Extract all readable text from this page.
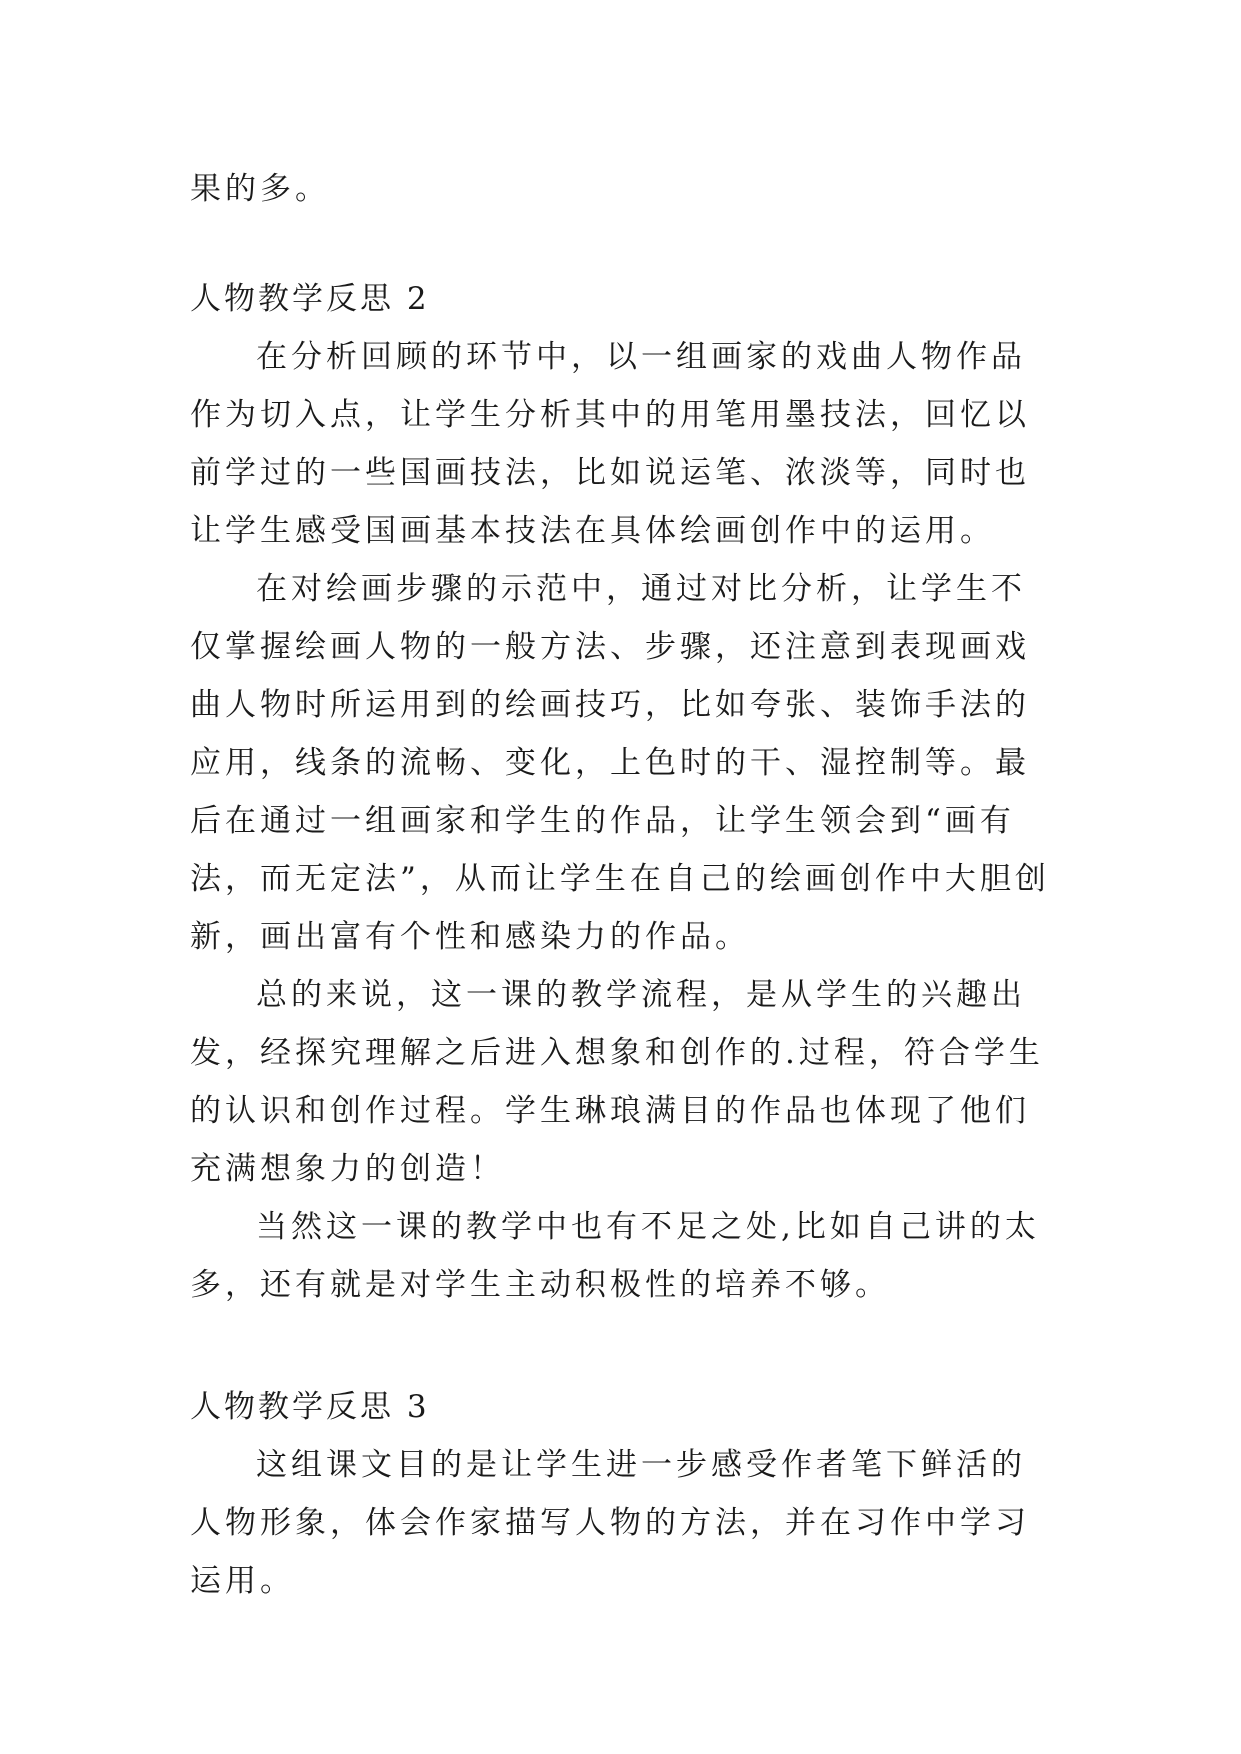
果的多。

人物教学反思 2

在分析回顾的环节中，以一组画家的戏曲人物作品作为切入点，让学生分析其中的用笔用墨技法，回忆以前学过的一些国画技法，比如说运笔、浓淡等，同时也让学生感受国画基本技法在具体绘画创作中的运用。

在对绘画步骤的示范中，通过对比分析，让学生不仅掌握绘画人物的一般方法、步骤，还注意到表现画戏曲人物时所运用到的绘画技巧，比如夸张、装饰手法的应用，线条的流畅、变化，上色时的干、湿控制等。最后在通过一组画家和学生的作品，让学生领会到“画有法，而无定法”，从而让学生在自己的绘画创作中大胆创新，画出富有个性和感染力的作品。

总的来说，这一课的教学流程，是从学生的兴趣出发，经探究理解之后进入想象和创作的.过程，符合学生的认识和创作过程。学生琳琅满目的作品也体现了他们充满想象力的创造！

当然这一课的教学中也有不足之处,比如自己讲的太多，还有就是对学生主动积极性的培养不够。

人物教学反思 3

这组课文目的是让学生进一步感受作者笔下鲜活的人物形象，体会作家描写人物的方法，并在习作中学习运用。
